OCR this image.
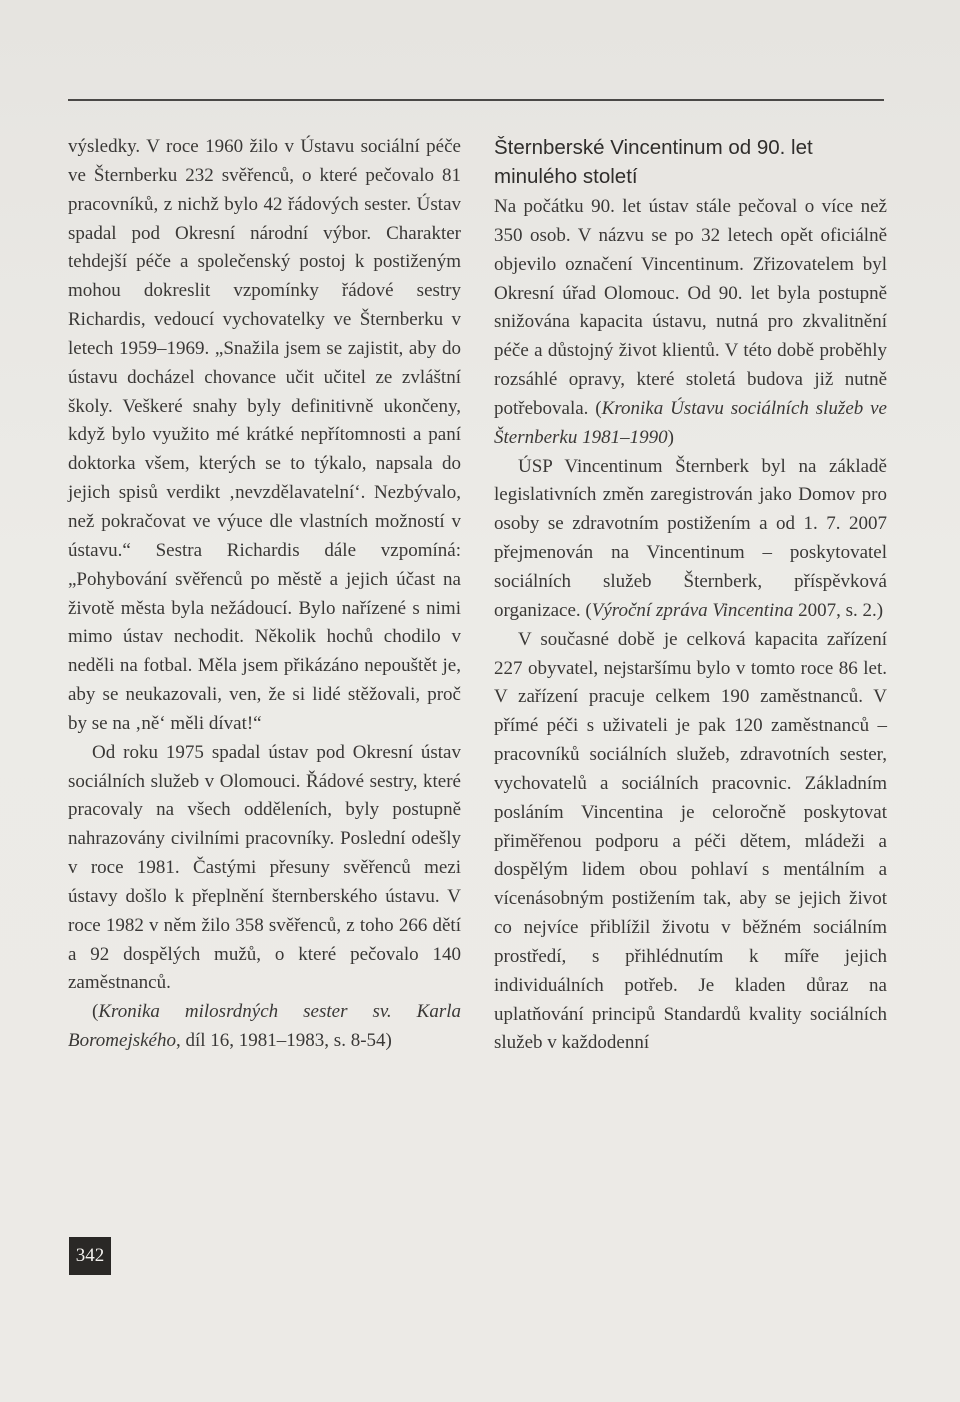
výsledky. V roce 1960 žilo v Ústavu sociální péče ve Šternberku 232 svěřenců, o které pečovalo 81 pracovníků, z nichž bylo 42 řádových sester. Ústav spadal pod Okresní národní výbor. Charakter tehdejší péče a společenský postoj k postiženým mohou dokreslit vzpomínky řádové sestry Richardis, vedoucí vychovatelky ve Šternberku v letech 1959–1969. „Snažila jsem se zajistit, aby do ústavu docházel chovance učit učitel ze zvláštní školy. Veškeré snahy byly definitivně ukončeny, když bylo využito mé krátké nepřítomnosti a paní doktorka všem, kterých se to týkalo, napsala do jejich spisů verdikt ‚nevzdělavatelní‘. Nezbývalo, než pokračovat ve výuce dle vlastních možností v ústavu.“ Sestra Richardis dále vzpomíná: „Pohybování svěřenců po městě a jejich účast na životě města byla nežádoucí. Bylo nařízené s nimi mimo ústav nechodit. Několik hochů chodilo v neděli na fotbal. Měla jsem přikázáno nepouštět je, aby se neukazovali, ven, že si lidé stěžovali, proč by se na ‚ně‘ měli dívat!“

Od roku 1975 spadal ústav pod Okresní ústav sociálních služeb v Olomouci. Řádové sestry, které pracovaly na všech odděleních, byly postupně nahrazovány civilními pracovníky. Poslední odešly v roce 1981. Častými přesuny svěřenců mezi ústavy došlo k přeplnění šternberského ústavu. V roce 1982 v něm žilo 358 svěřenců, z toho 266 dětí a 92 dospělých mužů, o které pečovalo 140 zaměstnanců.

(Kronika milosrdných sester sv. Karla Boromejského, díl 16, 1981–1983, s. 8-54)

Šternberské Vincentinum od 90. let
minulého století

Na počátku 90. let ústav stále pečoval o více než 350 osob. V názvu se po 32 letech opět oficiálně objevilo označení Vincentinum. Zřizovatelem byl Okresní úřad Olomouc. Od 90. let byla postupně snižována kapacita ústavu, nutná pro zkvalitnění péče a důstojný život klientů. V této době proběhly rozsáhlé opravy, které stoletá budova již nutně potřebovala. (Kronika Ústavu sociálních služeb ve Šternberku 1981–1990)

ÚSP Vincentinum Šternberk byl na základě legislativních změn zaregistrován jako Domov pro osoby se zdravotním postižením a od 1. 7. 2007 přejmenován na Vincentinum – poskytovatel sociálních služeb Šternberk, příspěvková organizace. (Výroční zpráva Vincentina 2007, s. 2.)

V současné době je celková kapacita zařízení 227 obyvatel, nejstaršímu bylo v tomto roce 86 let. V zařízení pracuje celkem 190 zaměstnanců. V přímé péči s uživateli je pak 120 zaměstnanců – pracovníků sociálních služeb, zdravotních sester, vychovatelů a sociálních pracovnic. Základním posláním Vincentina je celoročně poskytovat přiměřenou podporu a péči dětem, mládeži a dospělým lidem obou pohlaví s mentálním a vícenásobným postižením tak, aby se jejich život co nejvíce přiblížil životu v běžném sociálním prostředí, s přihlédnutím k míře jejich individuálních potřeb. Je kladen důraz na uplatňování principů Standardů kvality sociálních služeb v každodenní

342
